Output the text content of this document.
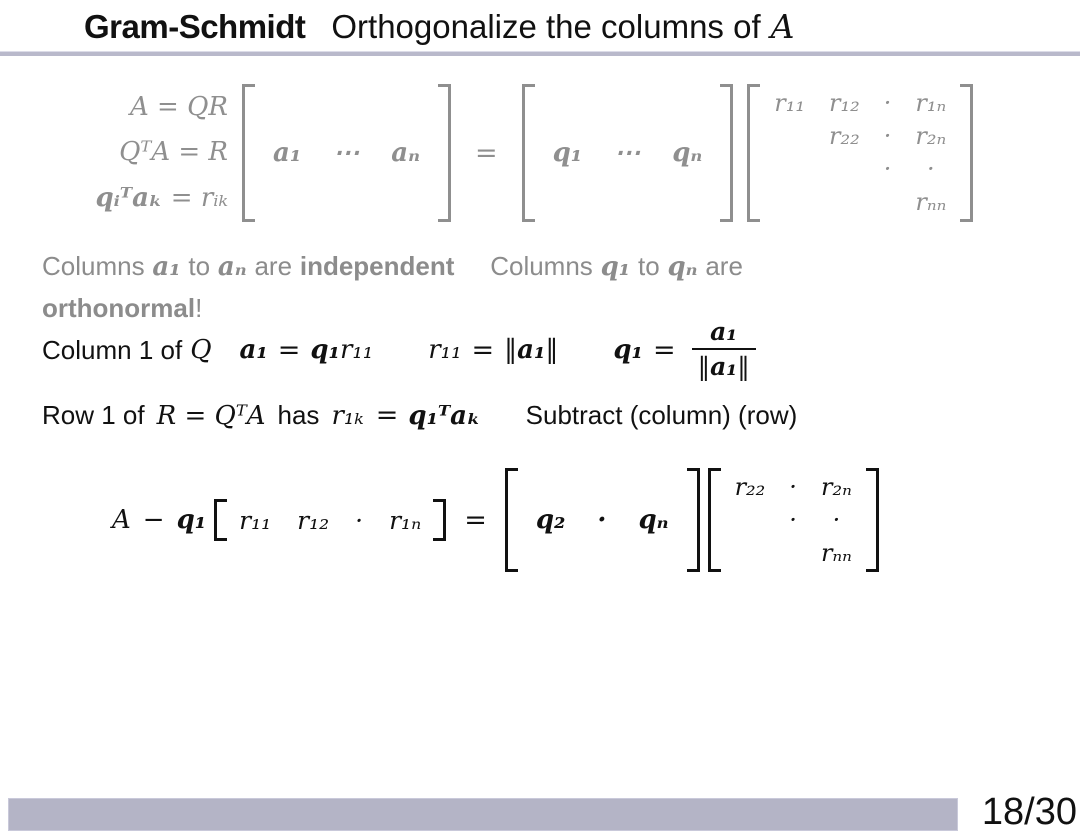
Gram-Schmidt Orthogonalize the columns of A
A = QR
QᵀA = R
qᵢᵀaₖ = rᵢₖ
a₁ ⋯ aₙ = q₁ ⋯ qₙ
r₁₁ r₁₂ · r₁ₙ
r₂₂ · r₂ₙ
·	·
rₙₙ

Columns a₁ to aₙ are independent Columns q₁ to qₙ are
orthonormal!

Column 1 of Q a₁ = q₁ r₁₁ r₁₁ = ‖ a₁ ‖ $q_1 = \frac{\text{a₁}}{\text{‖a₁‖}}$
Row 1 of R = QᵀA has r₁ₖ = q₁ᵀ aₖ Subtract (column) (row)
A − q₁ r₁₁ r₁₂ · r₁ₙ = q₂ · qₙ
r₂₂ · r₂ₙ
·	·
rₙₙ
18/30
